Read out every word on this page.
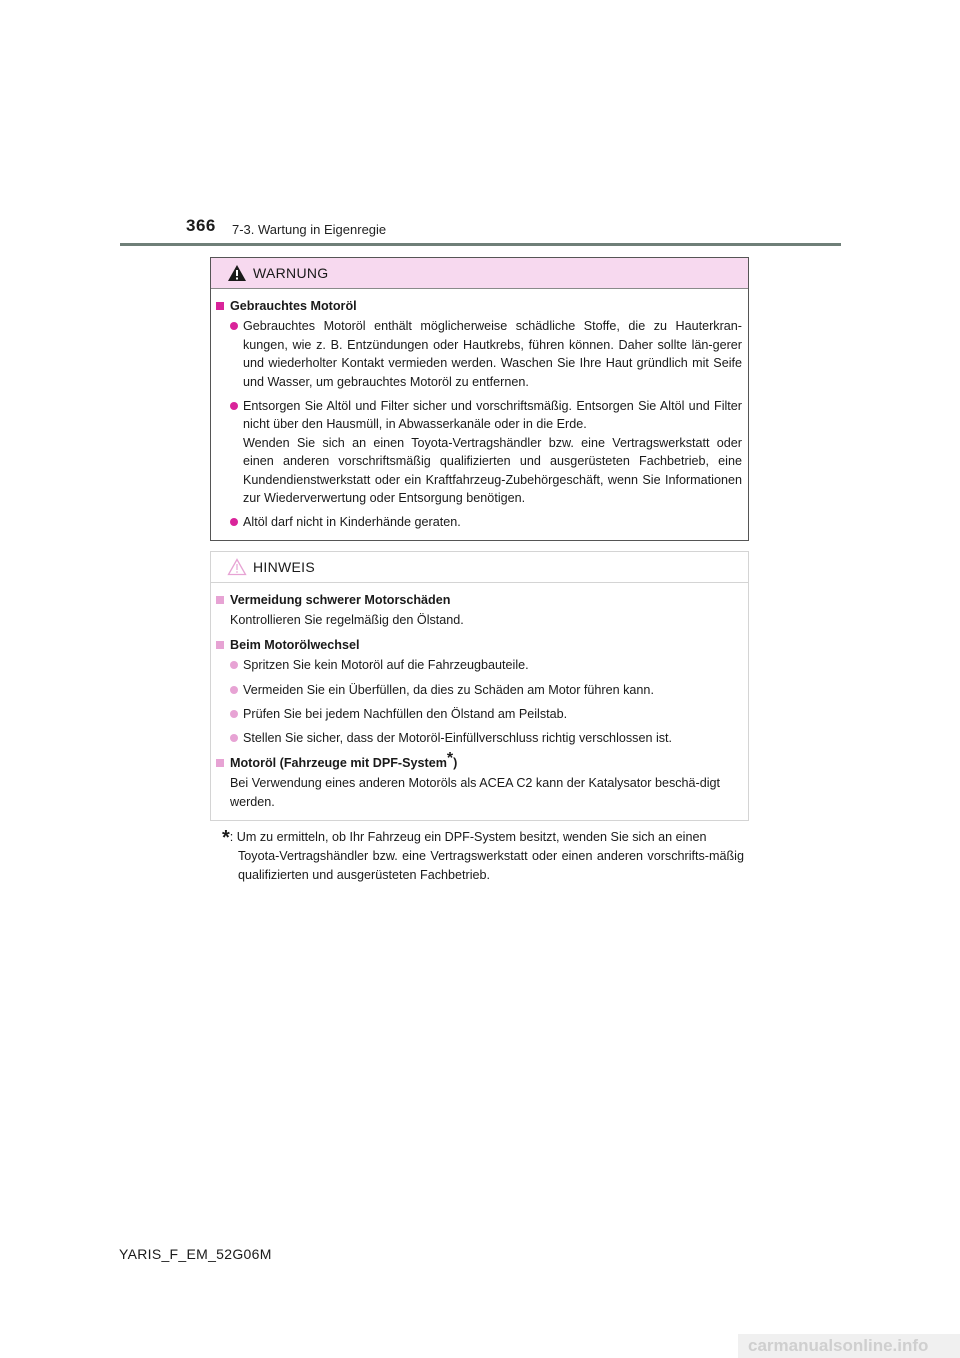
366 7-3. Wartung in Eigenregie
WARNUNG
Gebrauchtes Motoröl
Gebrauchtes Motoröl enthält möglicherweise schädliche Stoffe, die zu Hauterkran-kungen, wie z. B. Entzündungen oder Hautkrebs, führen können. Daher sollte län-gerer und wiederholter Kontakt vermieden werden. Waschen Sie Ihre Haut gründlich mit Seife und Wasser, um gebrauchtes Motoröl zu entfernen.
Entsorgen Sie Altöl und Filter sicher und vorschriftsmäßig. Entsorgen Sie Altöl und Filter nicht über den Hausmüll, in Abwasserkanäle oder in die Erde.
Wenden Sie sich an einen Toyota-Vertragshändler bzw. eine Vertragswerkstatt oder einen anderen vorschriftsmäßig qualifizierten und ausgerüsteten Fachbetrieb, eine Kundendienstwerkstatt oder ein Kraftfahrzeug-Zubehörgeschäft, wenn Sie Informationen zur Wiederverwertung oder Entsorgung benötigen.
Altöl darf nicht in Kinderhände geraten.
HINWEIS
Vermeidung schwerer Motorschäden
Kontrollieren Sie regelmäßig den Ölstand.
Beim Motorölwechsel
Spritzen Sie kein Motoröl auf die Fahrzeugbauteile.
Vermeiden Sie ein Überfüllen, da dies zu Schäden am Motor führen kann.
Prüfen Sie bei jedem Nachfüllen den Ölstand am Peilstab.
Stellen Sie sicher, dass der Motoröl-Einfüllverschluss richtig verschlossen ist.
Motoröl (Fahrzeuge mit DPF-System*)
Bei Verwendung eines anderen Motoröls als ACEA C2 kann der Katalysator beschä-digt werden.
*: Um zu ermitteln, ob Ihr Fahrzeug ein DPF-System besitzt, wenden Sie sich an einen
Toyota-Vertragshändler bzw. eine Vertragswerkstatt oder einen anderen vorschrifts-mäßig qualifizierten und ausgerüsteten Fachbetrieb.
YARIS_F_EM_52G06M
carmanualsonline.info
